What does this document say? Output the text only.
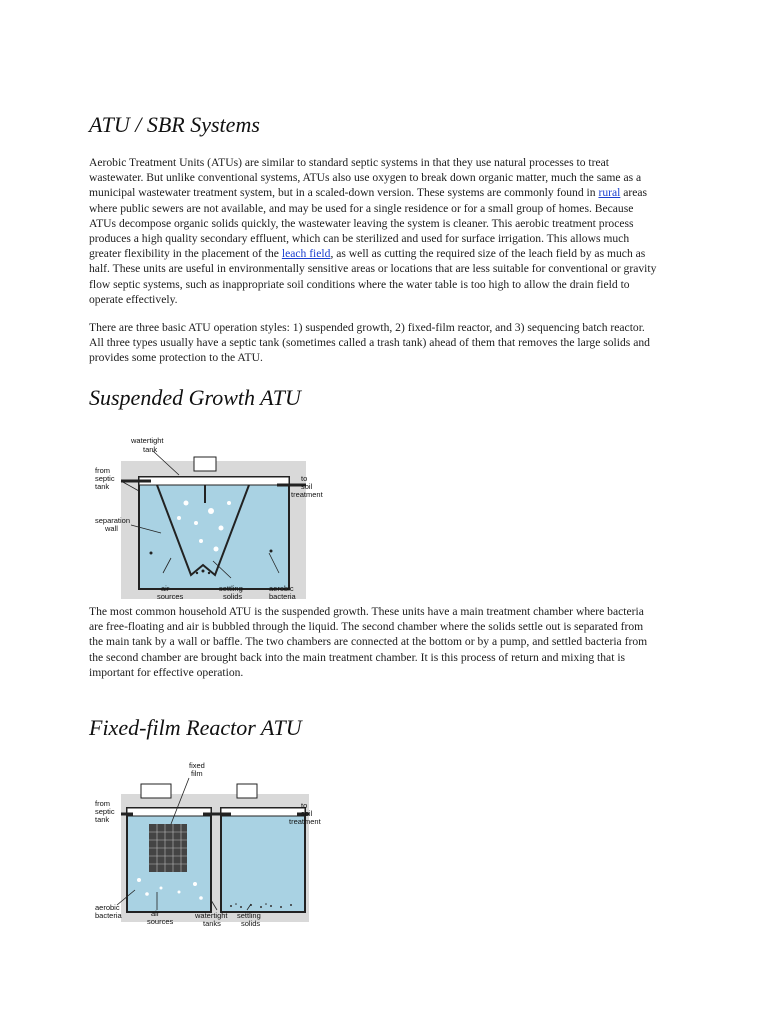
ATU / SBR Systems

Aerobic Treatment Units (ATUs) are similar to standard septic systems in that they use natural processes to treat wastewater. But unlike conventional systems, ATUs also use oxygen to break down organic matter, much the same as a municipal wastewater treatment system, but in a scaled-down version. These systems are commonly found in rural areas where public sewers are not available, and may be used for a single residence or for a small group of homes. Because ATUs decompose organic solids quickly, the wastewater leaving the system is cleaner. This aerobic treatment process produces a high quality secondary effluent, which can be sterilized and used for surface irrigation. This allows much greater flexibility in the placement of the leach field, as well as cutting the required size of the leach field by as much as half. These units are useful in environmentally sensitive areas or locations that are less suitable for conventional or gravity flow septic systems, such as inappropriate soil conditions where the water table is too high to allow the drain field to operate effectively.

There are three basic ATU operation styles: 1) suspended growth, 2) fixed-film reactor, and 3) sequencing batch reactor. All three types usually have a septic tank (sometimes called a trash tank) ahead of them that removes the large solids and provides some protection to the ATU.

Suspended Growth ATU
watertight
tank
from
septic
tank
to
soil
treatment
separation
wall
air
sources
settling
solids
aerobic
bacteria

The most common household ATU is the suspended growth. These units have a main treatment chamber where bacteria are free-floating and air is bubbled through the liquid. The second chamber where the solids settle out is separated from the main tank by a wall or baffle. The two chambers are connected at the bottom or by a pump, and settled bacteria from the second chamber are brought back into the main treatment chamber. It is this process of return and mixing that is important for effective operation.

Fixed-film Reactor ATU
fixed
film
from
septic
tank
to
soil
treatment
aerobic
bacteria	air
sources
watertight
tanks
settling
solids
